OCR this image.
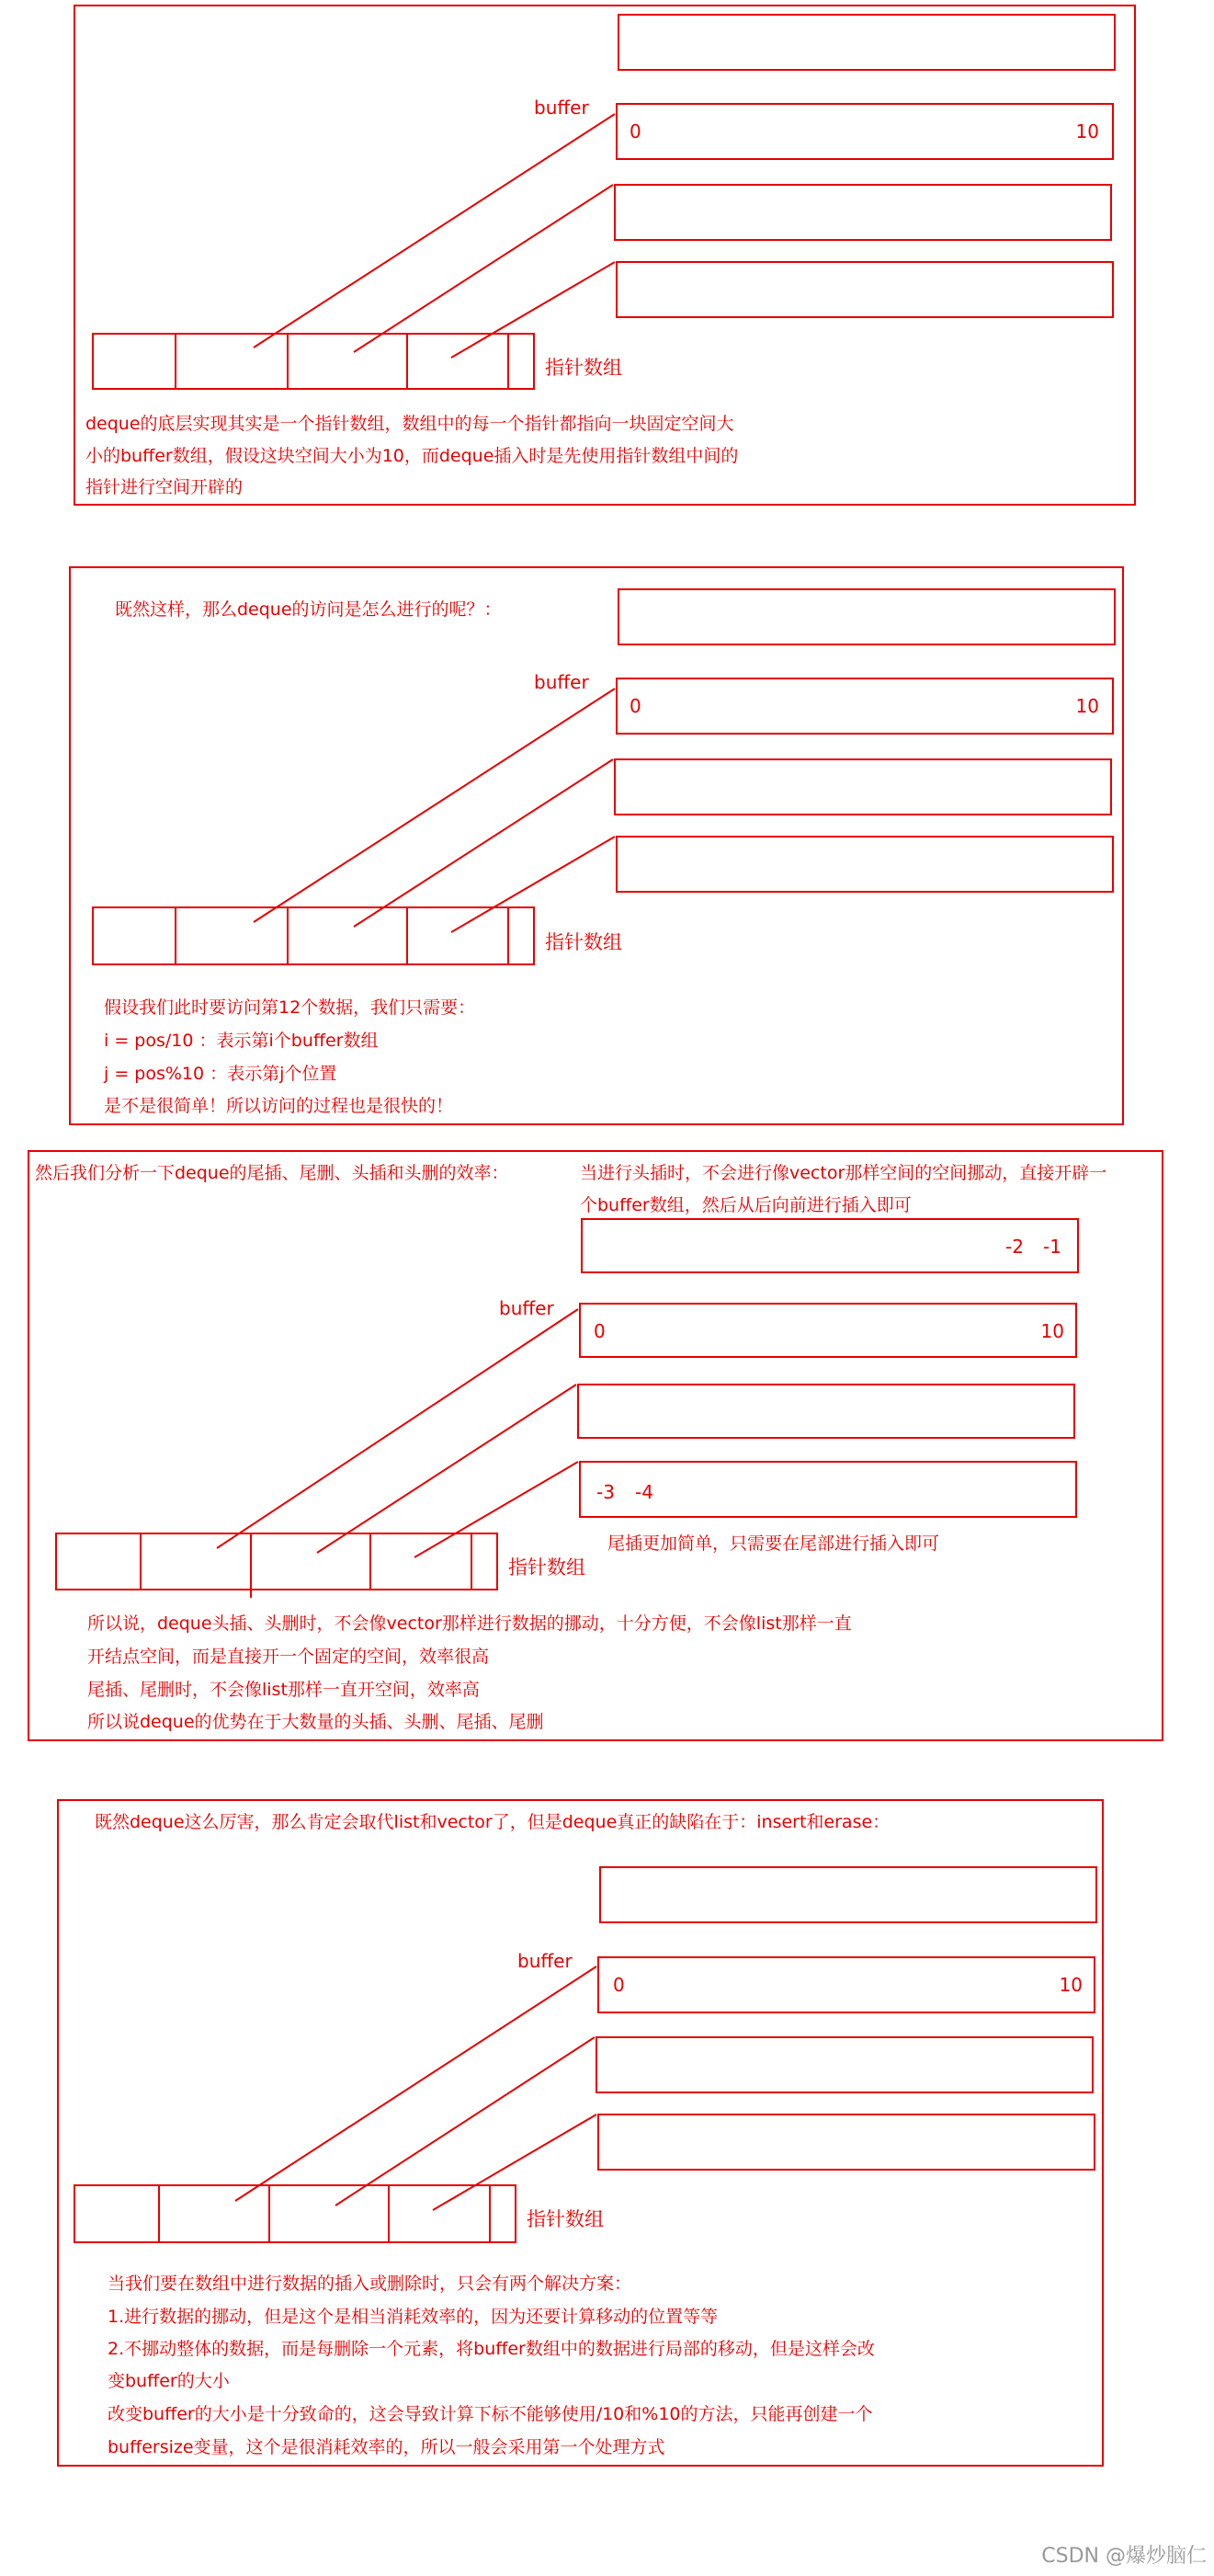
buffer
0	10
指针数组
deque的底层实现其实是一个指针数组，数组中的每一个指针都指向一块固定空间大
小的buffer数组，假设这块空间大小为10，而deque插入时是先使用指针数组中间的
指针进行空间开辟的
既然这样，那么deque的访问是怎么进行的呢？：
buffer
0	10
指针数组
假设我们此时要访问第12个数据，我们只需要：
i = pos/10 ：表示第i个buffer数组
j = pos%10 ：表示第j个位置
是不是很简单！所以访问的过程也是很快的！
然后我们分析一下deque的尾插、尾删、头插和头删的效率：	当进行头插时，不会进行像vector那样空间的空间挪动，直接开辟一
个buffer数组，然后从后向前进行插入即可
-2 -1
buffer
0	10
-3 -4
尾插更加简单，只需要在尾部进行插入即可
指针数组
所以说，deque头插、头删时，不会像vector那样进行数据的挪动，十分方便，不会像list那样一直
开结点空间，而是直接开一个固定的空间，效率很高
尾插、尾删时，不会像list那样一直开空间，效率高
所以说deque的优势在于大数量的头插、头删、尾插、尾删
既然deque这么厉害，那么肯定会取代list和vector了，但是deque真正的缺陷在于：insert和erase：
buffer
0	10
指针数组
当我们要在数组中进行数据的插入或删除时，只会有两个解决方案：
1.进行数据的挪动，但是这个是相当消耗效率的，因为还要计算移动的位置等等
2.不挪动整体的数据，而是每删除一个元素，将buffer数组中的数据进行局部的移动，但是这样会改
变buffer的大小
改变buffer的大小是十分致命的，这会导致计算下标不能够使用/10和%10的方法，只能再创建一个
buffersize变量，这个是很消耗效率的，所以一般会采用第一个处理方式
CSDN @爆炒脑仁
